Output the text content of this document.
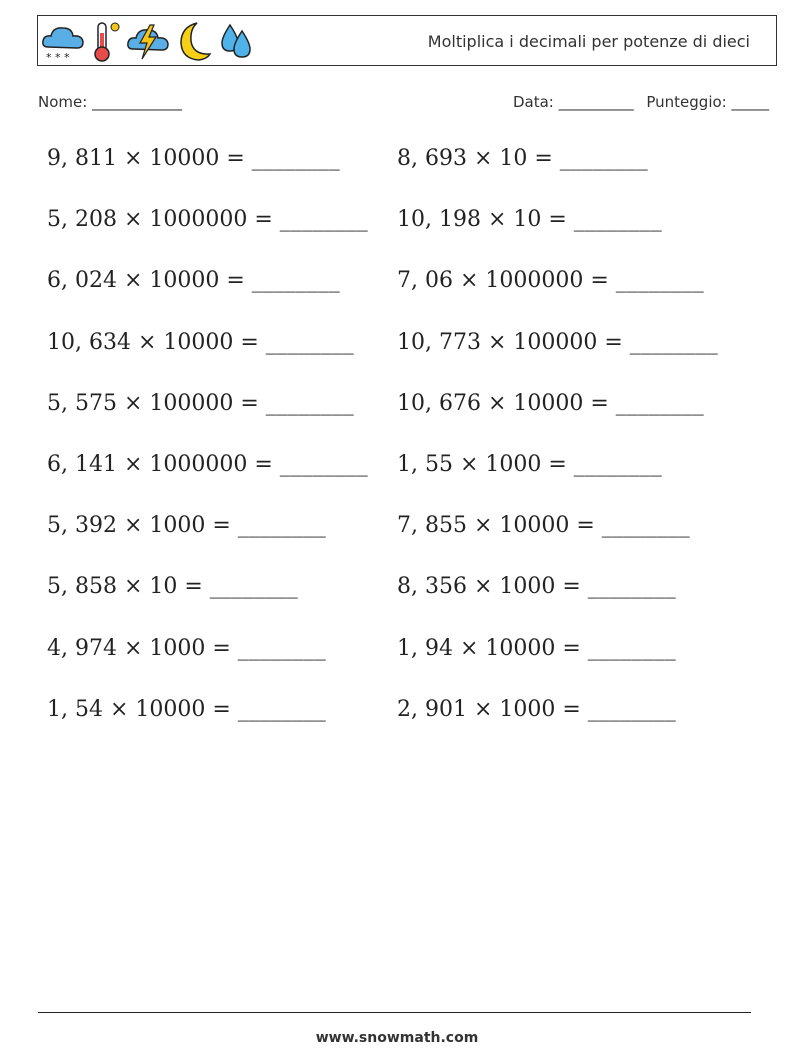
* * *
Moltiplica i decimali per potenze di dieci
Nome: ____________	Data: __________ Punteggio: _____
9, 811 × 10000 = ________	8, 693 × 10 = ________
5, 208 × 1000000 = ________	10, 198 × 10 = ________
6, 024 × 10000 = ________	7, 06 × 1000000 = ________
10, 634 × 10000 = ________	10, 773 × 100000 = ________
5, 575 × 100000 = ________	10, 676 × 10000 = ________
6, 141 × 1000000 = ________	1, 55 × 1000 = ________
5, 392 × 1000 = ________	7, 855 × 10000 = ________
5, 858 × 10 = ________	8, 356 × 1000 = ________
4, 974 × 1000 = ________	1, 94 × 10000 = ________
1, 54 × 10000 = ________	2, 901 × 1000 = ________
www.snowmath.com
